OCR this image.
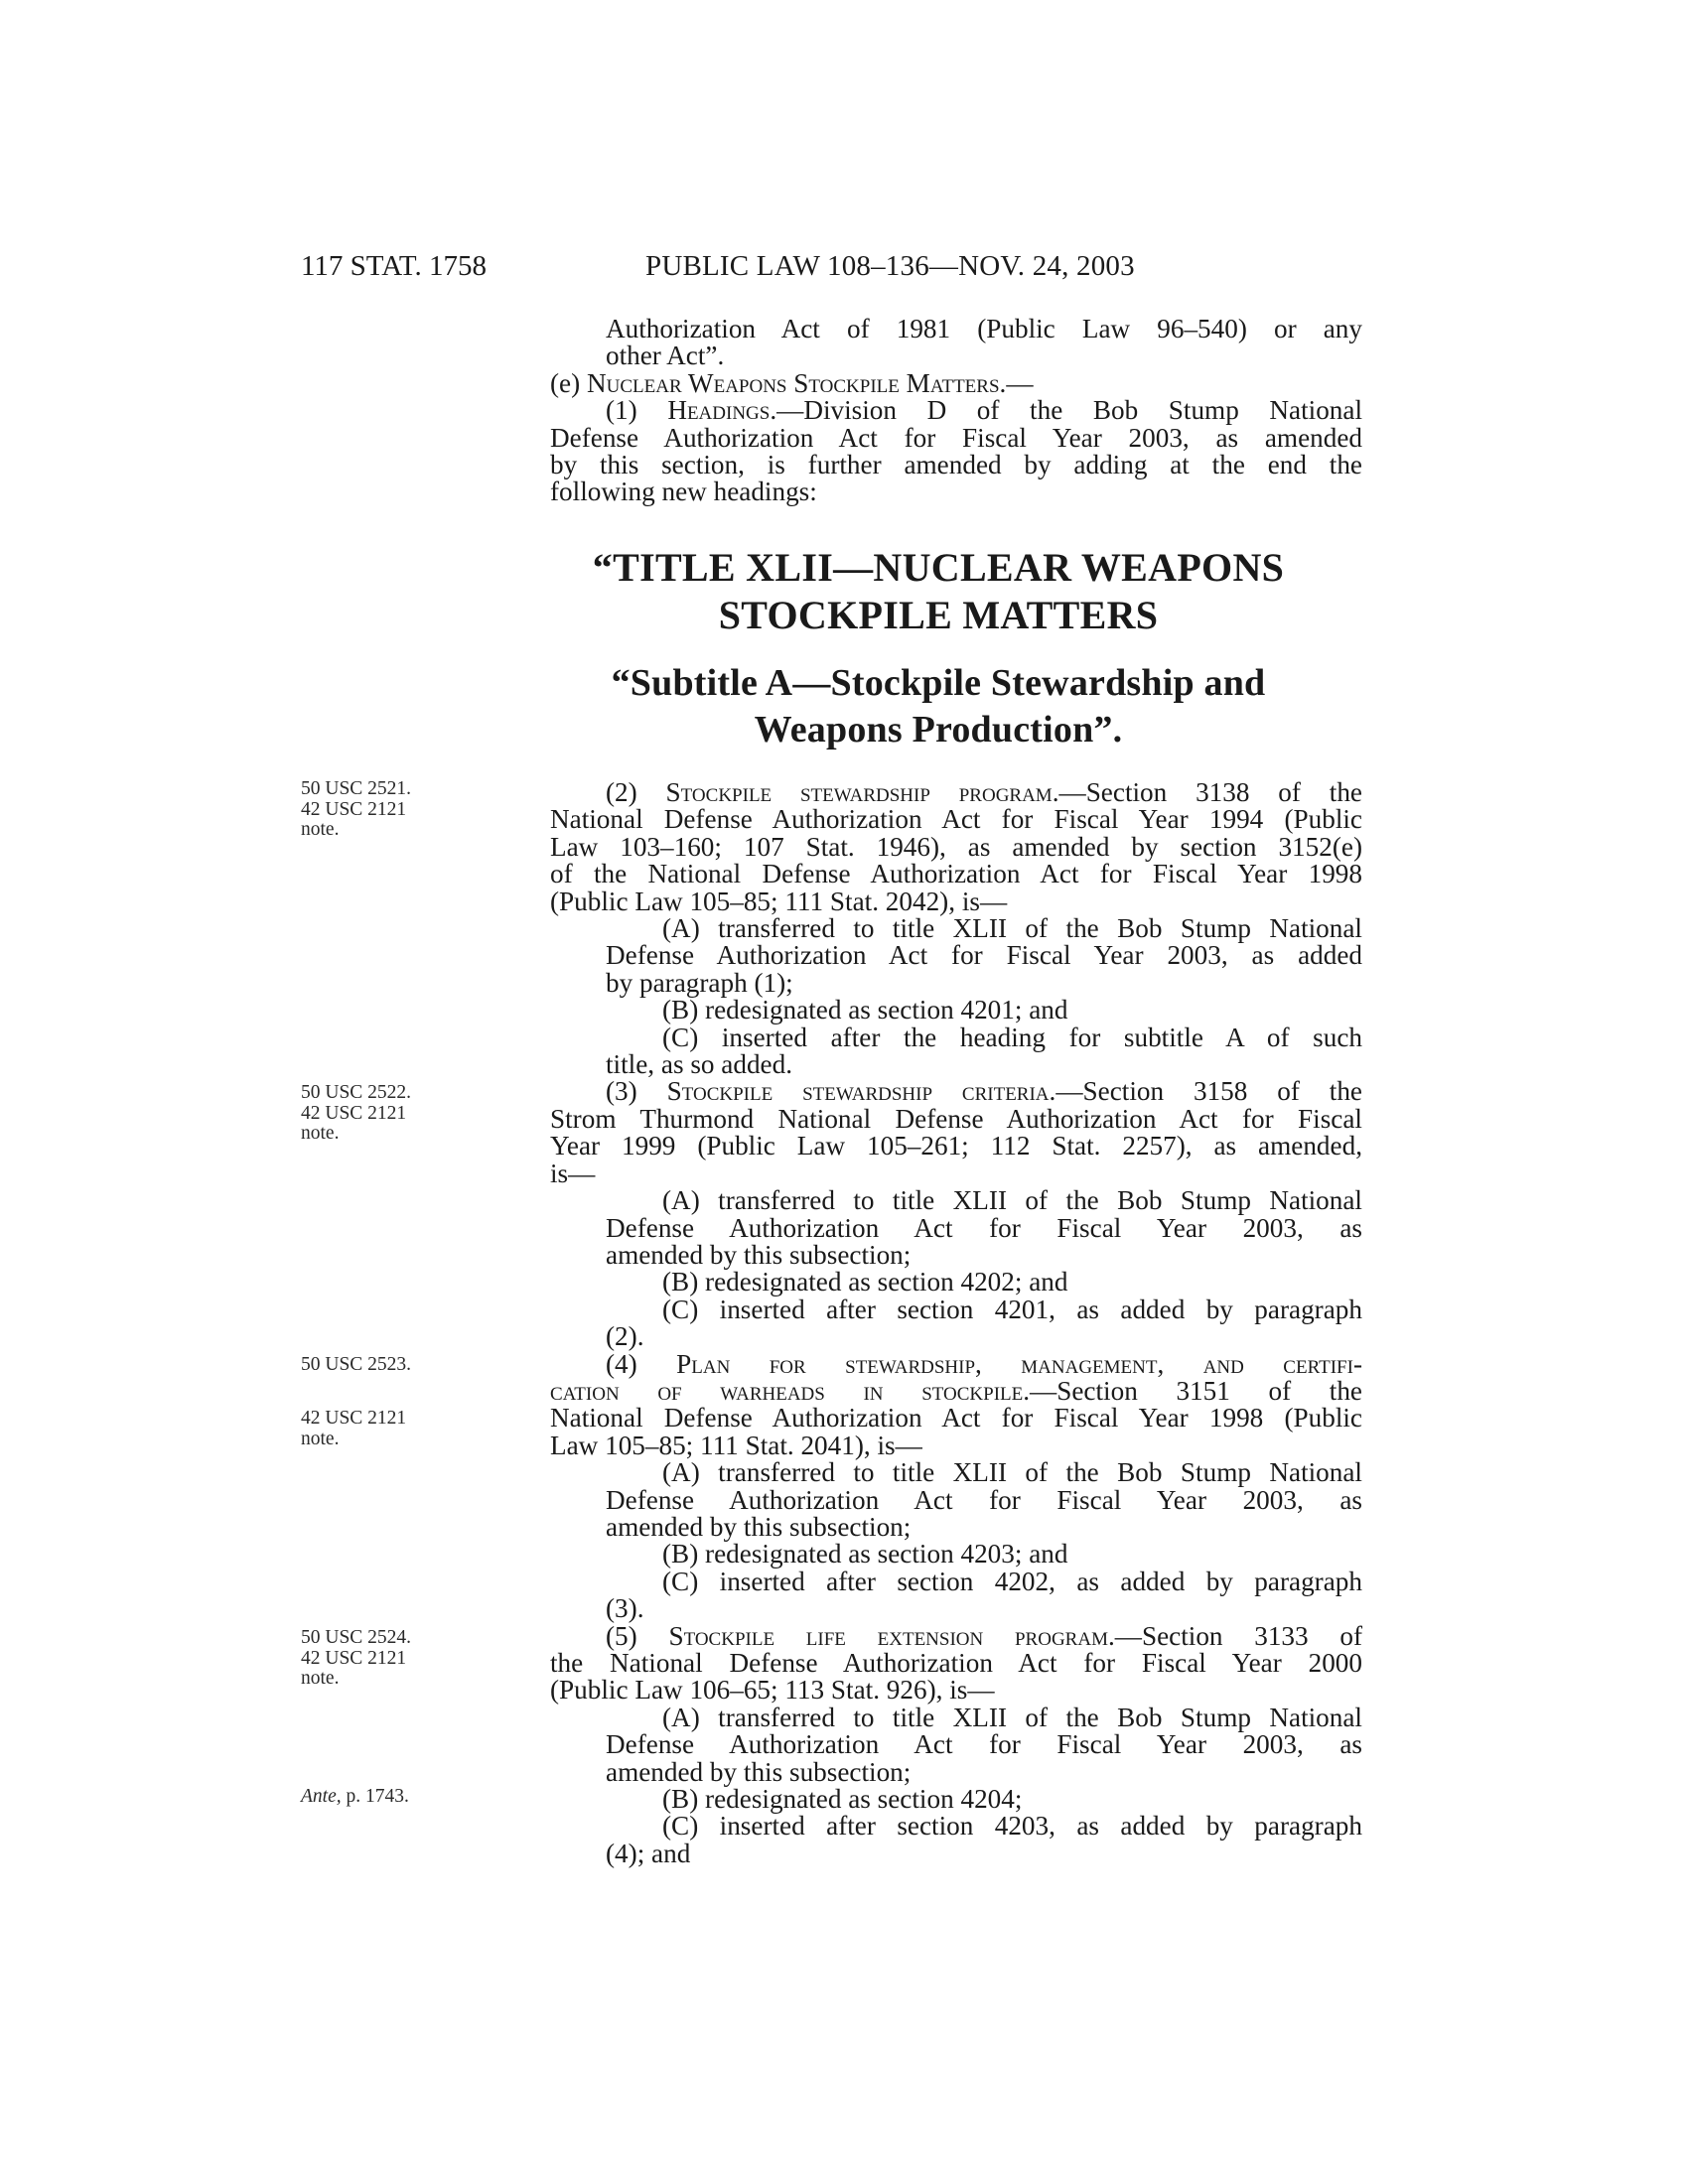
117 STAT. 1758	PUBLIC LAW 108–136—NOV. 24, 2003
50 USC 2521.
42 USC 2121
note.
50 USC 2522.
42 USC 2121
note.
50 USC 2523.
42 USC 2121
note.
50 USC 2524.
42 USC 2121
note.
Ante, p. 1743.
Authorization Act of 1981 (Public Law 96–540) or any
other Act”.
(e) Nuclear Weapons Stockpile Matters.—
(1) Headings.—Division D of the Bob Stump National
Defense Authorization Act for Fiscal Year 2003, as amended
by this section, is further amended by adding at the end the
following new headings:
“TITLE XLII—NUCLEAR WEAPONS
STOCKPILE MATTERS
“Subtitle A—Stockpile Stewardship and
Weapons Production”.
(2) Stockpile stewardship program.—Section 3138 of the
National Defense Authorization Act for Fiscal Year 1994 (Public
Law 103–160; 107 Stat. 1946), as amended by section 3152(e)
of the National Defense Authorization Act for Fiscal Year 1998
(Public Law 105–85; 111 Stat. 2042), is—
(A) transferred to title XLII of the Bob Stump National
Defense Authorization Act for Fiscal Year 2003, as added
by paragraph (1);
(B) redesignated as section 4201; and
(C) inserted after the heading for subtitle A of such
title, as so added.
(3) Stockpile stewardship criteria.—Section 3158 of the
Strom Thurmond National Defense Authorization Act for Fiscal
Year 1999 (Public Law 105–261; 112 Stat. 2257), as amended,
is—
(A) transferred to title XLII of the Bob Stump National
Defense Authorization Act for Fiscal Year 2003, as
amended by this subsection;
(B) redesignated as section 4202; and
(C) inserted after section 4201, as added by paragraph
(2).
(4) Plan for stewardship, management, and certifi-
cation of warheads in stockpile.—Section 3151 of the
National Defense Authorization Act for Fiscal Year 1998 (Public
Law 105–85; 111 Stat. 2041), is—
(A) transferred to title XLII of the Bob Stump National
Defense Authorization Act for Fiscal Year 2003, as
amended by this subsection;
(B) redesignated as section 4203; and
(C) inserted after section 4202, as added by paragraph
(3).
(5) Stockpile life extension program.—Section 3133 of
the National Defense Authorization Act for Fiscal Year 2000
(Public Law 106–65; 113 Stat. 926), is—
(A) transferred to title XLII of the Bob Stump National
Defense Authorization Act for Fiscal Year 2003, as
amended by this subsection;
(B) redesignated as section 4204;
(C) inserted after section 4203, as added by paragraph
(4); and
